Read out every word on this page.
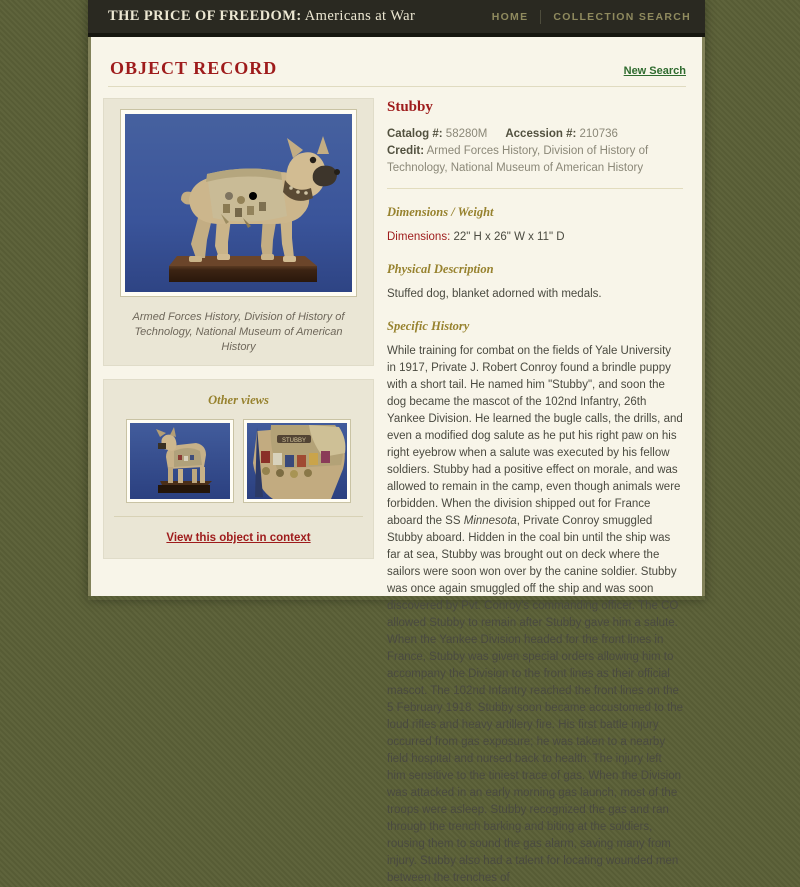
THE PRICE OF FREEDOM: Americans at War	HOME COLLECTION SEARCH
OBJECT RECORD	New Search
Armed Forces History, Division of History of Technology, National Museum of American History
Other views
STUBBY
View this object in context
Stubby
Catalog #: 58280M Accession #: 210736
Credit: Armed Forces History, Division of History of Technology, National Museum of American History
Dimensions / Weight
Dimensions: 22" H x 26" W x 11" D
Physical Description
Stuffed dog, blanket adorned with medals.
Specific History

While training for combat on the fields of Yale University in 1917, Private J. Robert Conroy found a brindle puppy with a short tail. He named him "Stubby", and soon the dog became the mascot of the 102nd Infantry, 26th Yankee Division. He learned the bugle calls, the drills, and even a modified dog salute as he put his right paw on his right eyebrow when a salute was executed by his fellow soldiers. Stubby had a positive effect on morale, and was allowed to remain in the camp, even though animals were forbidden. When the division shipped out for France aboard the SS Minnesota, Private Conroy smuggled Stubby aboard. Hidden in the coal bin until the ship was far at sea, Stubby was brought out on deck where the sailors were soon won over by the canine soldier. Stubby was once again smuggled off the ship and was soon discovered by Pvt. Conroy's commanding officer. The CO allowed Stubby to remain after Stubby gave him a salute. When the Yankee Division headed for the front lines in France, Stubby was given special orders allowing him to accompany the Division to the front lines as their official mascot. The 102nd Infantry reached the front lines on the 5 February 1918. Stubby soon became accustomed to the loud rifles and heavy artillery fire. His first battle injury occurred from gas exposure; he was taken to a nearby field hospital and nursed back to health. The injury left him sensitive to the tiniest trace of gas. When the Division was attacked in an early morning gas launch, most of the troops were asleep. Stubby recognized the gas and ran through the trench barking and biting at the soldiers, rousing them to sound the gas alarm, saving many from injury. Stubby also had a talent for locating wounded men between the trenches of
